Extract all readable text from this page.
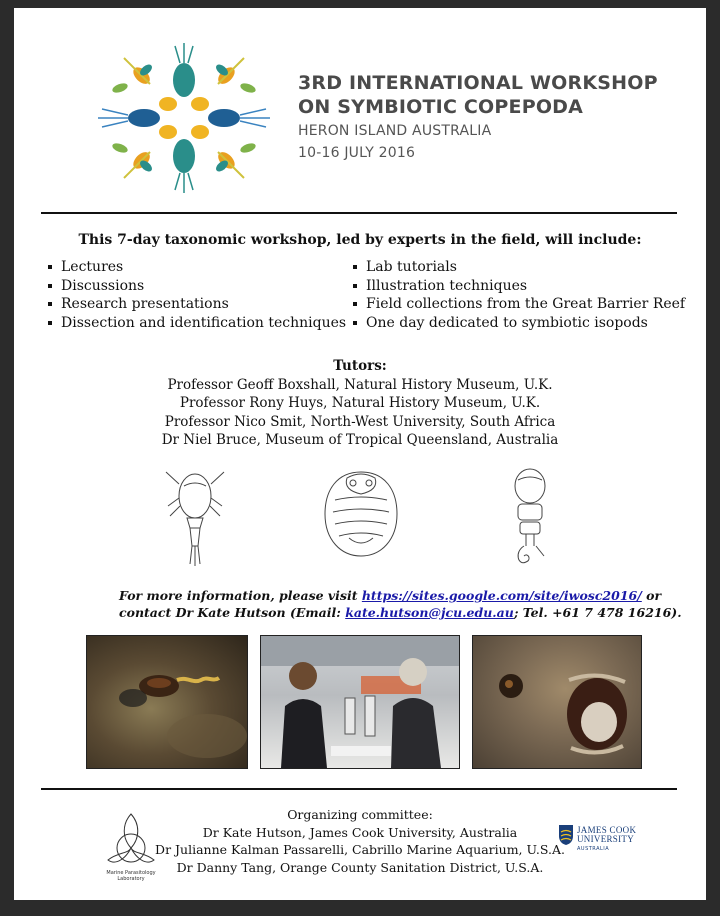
3RD INTERNATIONAL WORKSHOP
ON SYMBIOTIC COPEPODA
HERON ISLAND AUSTRALIA
10-16 JULY 2016
This 7-day taxonomic workshop, led by experts in the field, will include:
Lectures
Discussions
Research presentations
Dissection and identification techniques
Lab tutorials
Illustration techniques
Field collections from the Great Barrier Reef
One day dedicated to symbiotic isopods
Tutors:
Professor Geoff Boxshall, Natural History Museum, U.K.
Professor Rony Huys, Natural History Museum, U.K.
Professor Nico Smit, North-West University, South Africa
Dr Niel Bruce, Museum of Tropical Queensland, Australia
For more information, please visit https://sites.google.com/site/iwosc2016/ or
contact Dr Kate Hutson (Email: kate.hutson@jcu.edu.au; Tel. +61 7 478 16216).
Marine Parasitology Laboratory
Organizing committee:
Dr Kate Hutson, James Cook University, Australia
Dr Julianne Kalman Passarelli, Cabrillo Marine Aquarium, U.S.A.
Dr Danny Tang, Orange County Sanitation District, U.S.A.
JAMES COOK UNIVERSITY
AUSTRALIA
